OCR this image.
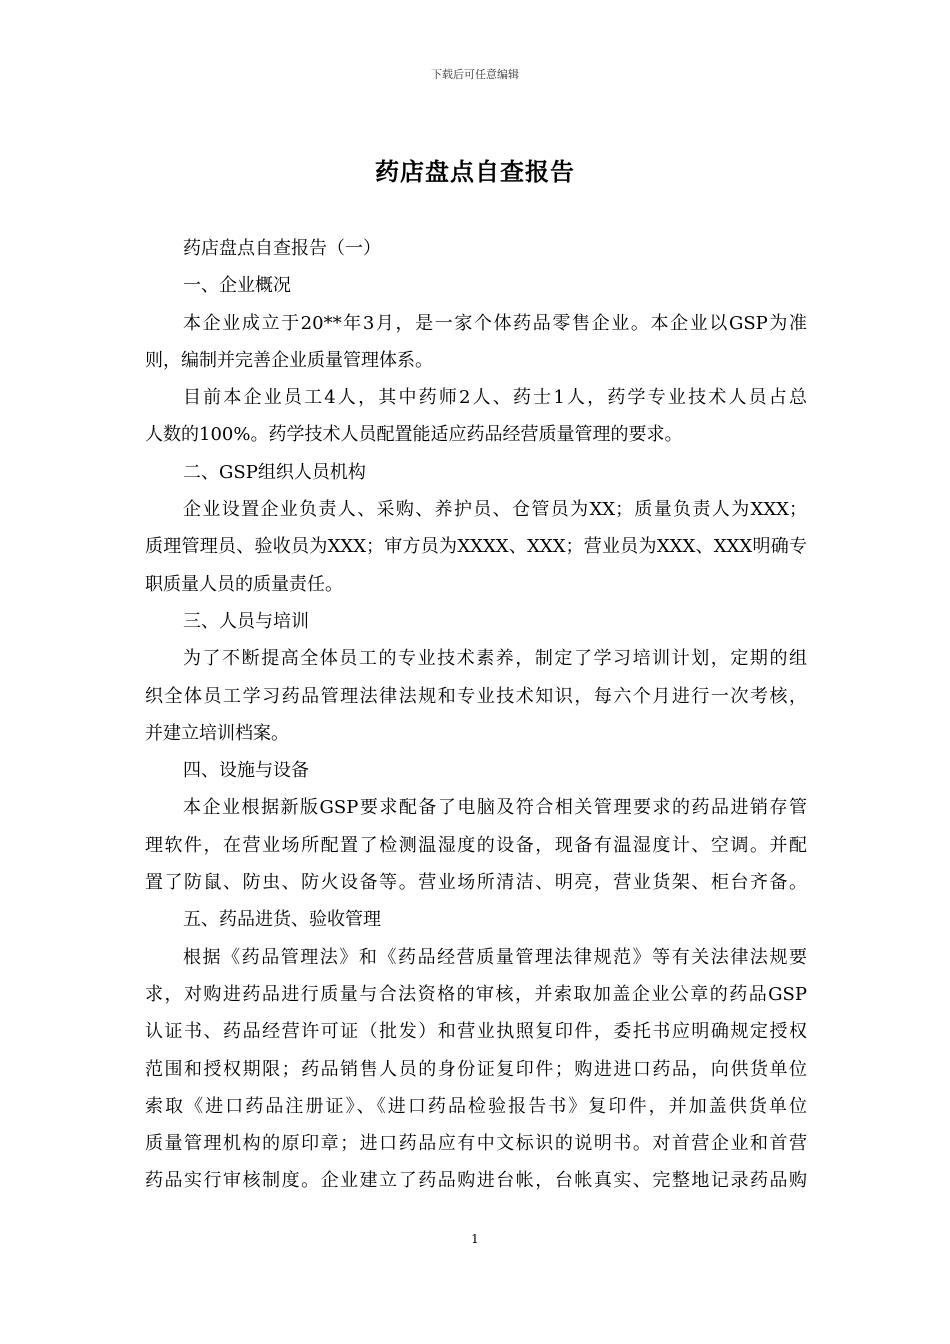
下载后可任意编辑
药店盘点自查报告
药店盘点自查报告（一）
一、企业概况
本企业成立于20**年3月，是一家个体药品零售企业。本企业以GSP为准
则，编制并完善企业质量管理体系。
目前本企业员工4人，其中药师2人、药士1人，药学专业技术人员占总
人数的100%。药学技术人员配置能适应药品经营质量管理的要求。
二、GSP组织人员机构
企业设置企业负责人、采购、养护员、仓管员为XX；质量负责人为XXX；
质理管理员、验收员为XXX；审方员为XXXX、XXX；营业员为XXX、XXX明确专
职质量人员的质量责任。
三、人员与培训
为了不断提高全体员工的专业技术素养，制定了学习培训计划，定期的组
织全体员工学习药品管理法律法规和专业技术知识，每六个月进行一次考核，
并建立培训档案。
四、设施与设备
本企业根据新版GSP要求配备了电脑及符合相关管理要求的药品进销存管
理软件，在营业场所配置了检测温湿度的设备，现备有温湿度计、空调。并配
置了防鼠、防虫、防火设备等。营业场所清洁、明亮，营业货架、柜台齐备。
五、药品进货、验收管理
根据《药品管理法》和《药品经营质量管理法律规范》等有关法律法规要
求，对购进药品进行质量与合法资格的审核，并索取加盖企业公章的药品GSP
认证书、药品经营许可证（批发）和营业执照复印件，委托书应明确规定授权
范围和授权期限；药品销售人员的身份证复印件；购进进口药品，向供货单位
索取《进口药品注册证》、《进口药品检验报告书》复印件，并加盖供货单位
质量管理机构的原印章；进口药品应有中文标识的说明书。对首营企业和首营
药品实行审核制度。企业建立了药品购进台帐，台帐真实、完整地记录药品购
1
